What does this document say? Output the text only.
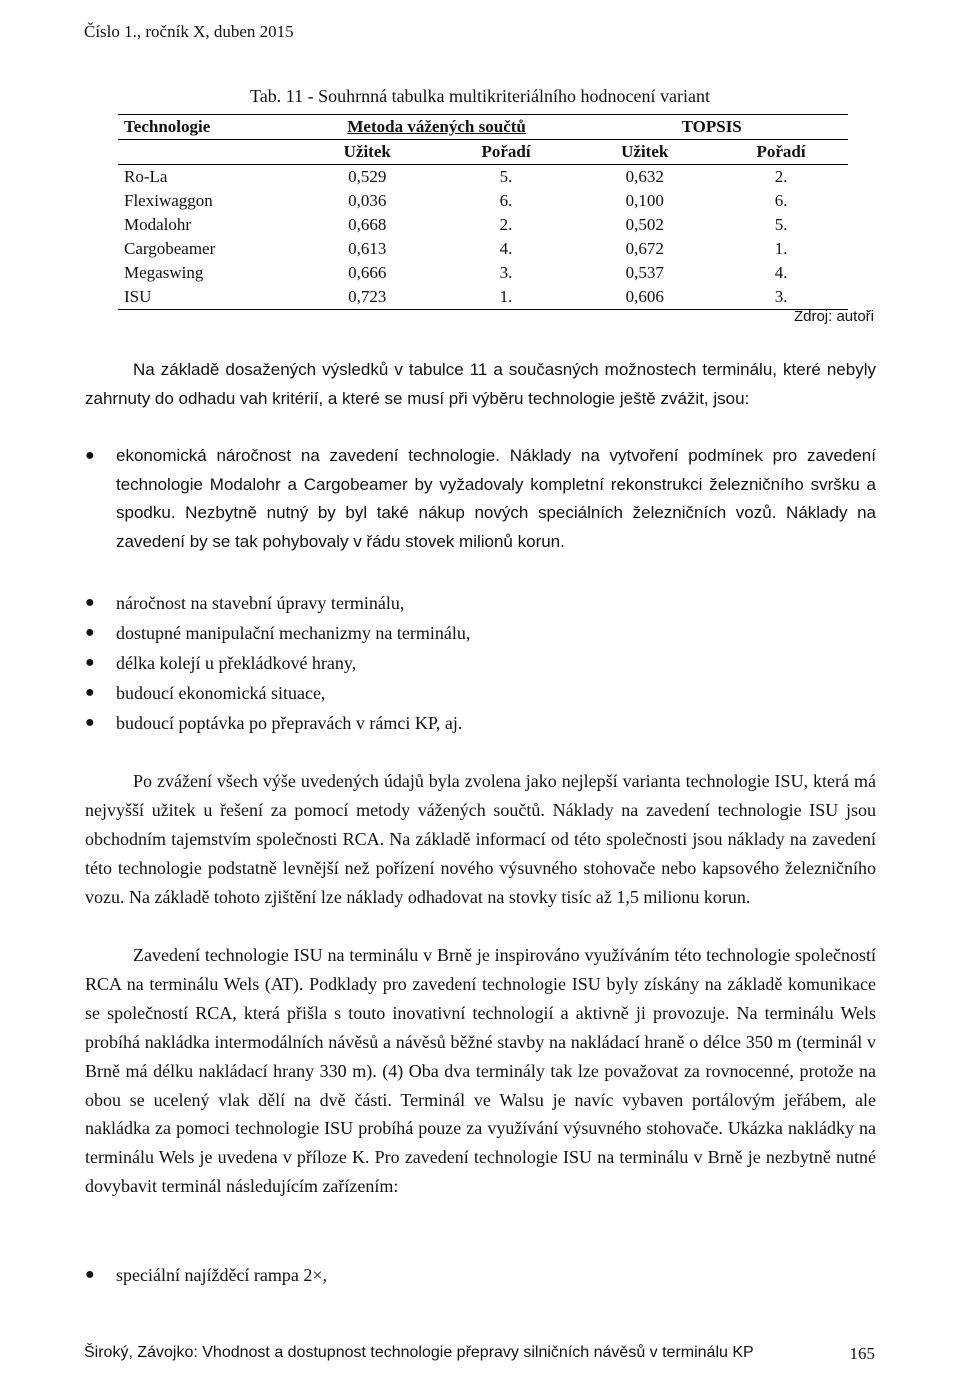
Číslo 1., ročník X, duben 2015
Tab. 11 - Souhrnná tabulka multikriteriálního hodnocení variant
Technologie	Metoda vážených součtů		TOPSIS	
	Užitek	Pořadí	Užitek	Pořadí
Ro-La	0,529	5.	0,632	2.
Flexiwaggon	0,036	6.	0,100	6.
Modalohr	0,668	2.	0,502	5.
Cargobeamer	0,613	4.	0,672	1.
Megaswing	0,666	3.	0,537	4.
ISU	0,723	1.	0,606	3.
Zdroj: autoři
Na základě dosažených výsledků v tabulce 11 a současných možnostech terminálu, které nebyly zahrnuty do odhadu vah kritérií, a které se musí při výběru technologie ještě zvážit, jsou:
● ekonomická náročnost na zavedení technologie. Náklady na vytvoření podmínek pro zavedení technologie Modalohr a Cargobeamer by vyžadovaly kompletní rekonstrukci železničního svršku a spodku. Nezbytně nutný by byl také nákup nových speciálních železničních vozů. Náklady na zavedení by se tak pohybovaly v řádu stovek milionů korun.
● náročnost na stavební úpravy terminálu,
● dostupné manipulační mechanizmy na terminálu,
● délka kolejí u překládkové hrany,
● budoucí ekonomická situace,
● budoucí poptávka po přepravách v rámci KP, aj.
Po zvážení všech výše uvedených údajů byla zvolena jako nejlepší varianta technologie ISU, která má nejvyšší užitek u řešení za pomocí metody vážených součtů. Náklady na zavedení technologie ISU jsou obchodním tajemstvím společnosti RCA. Na základě informací od této společnosti jsou náklady na zavedení této technologie podstatně levnější než pořízení nového výsuvného stohovače nebo kapsového železničního vozu. Na základě tohoto zjištění lze náklady odhadovat na stovky tisíc až 1,5 milionu korun.
Zavedení technologie ISU na terminálu v Brně je inspirováno využíváním této technologie společností RCA na terminálu Wels (AT). Podklady pro zavedení technologie ISU byly získány na základě komunikace se společností RCA, která přišla s touto inovativní technologií a aktivně ji provozuje. Na terminálu Wels probíhá nakládka intermodálních návěsů a návěsů běžné stavby na nakládací hraně o délce 350 m (terminál v Brně má délku nakládací hrany 330 m). (4) Oba dva terminály tak lze považovat za rovnocenné, protože na obou se ucelený vlak dělí na dvě části. Terminál ve Walsu je navíc vybaven portálovým jeřábem, ale nakládka za pomoci technologie ISU probíhá pouze za využívání výsuvného stohovače. Ukázka nakládky na terminálu Wels je uvedena v příloze K. Pro zavedení technologie ISU na terminálu v Brně je nezbytně nutné dovybavit terminál následujícím zařízením:
● speciální najížděcí rampa 2×,
Široký, Závojko: Vhodnost a dostupnost technologie přepravy silničních návěsů v terminálu KP	165
